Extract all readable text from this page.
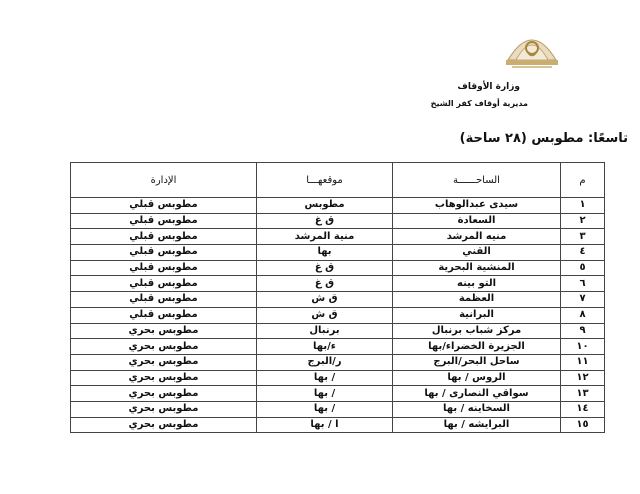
وزارة الأوقاف
مديرية أوقاف كفر الشيخ
تاسعًا: مطوبس (٢٨ ساحة)
م	الساحــــــة	موقعهـــا	الإدارة
١	سيدى عبدالوهاب	مطوبس	مطوبس قبلي
٢	السعادة	ق غ	مطوبس قبلي
٣	منيه المرشد	منية المرشد	مطوبس قبلي
٤	القني	بها	مطوبس قبلي
٥	المنشية البحرية	ق غ	مطوبس قبلي
٦	التو بينه	ق غ	مطوبس قبلي
٧	العظمة	ق ش	مطوبس قبلي
٨	البرانية	ق ش	مطوبس قبلي
٩	مركز شباب برنبال	برنبال	مطوبس بحري
١٠	الجزيرة الخضراء/بها	ء/بها	مطوبس بحري
١١	ساحل البحر/البرج	ر/البرج	مطوبس بحري
١٢	الروس / بها	/ بها	مطوبس بحري
١٣	سواقي النصارى / بها	/ بها	مطوبس بحري
١٤	السخاينه / بها	/ بها	مطوبس بحري
١٥	البرايشه / بها	ا / بها	مطوبس بحري
